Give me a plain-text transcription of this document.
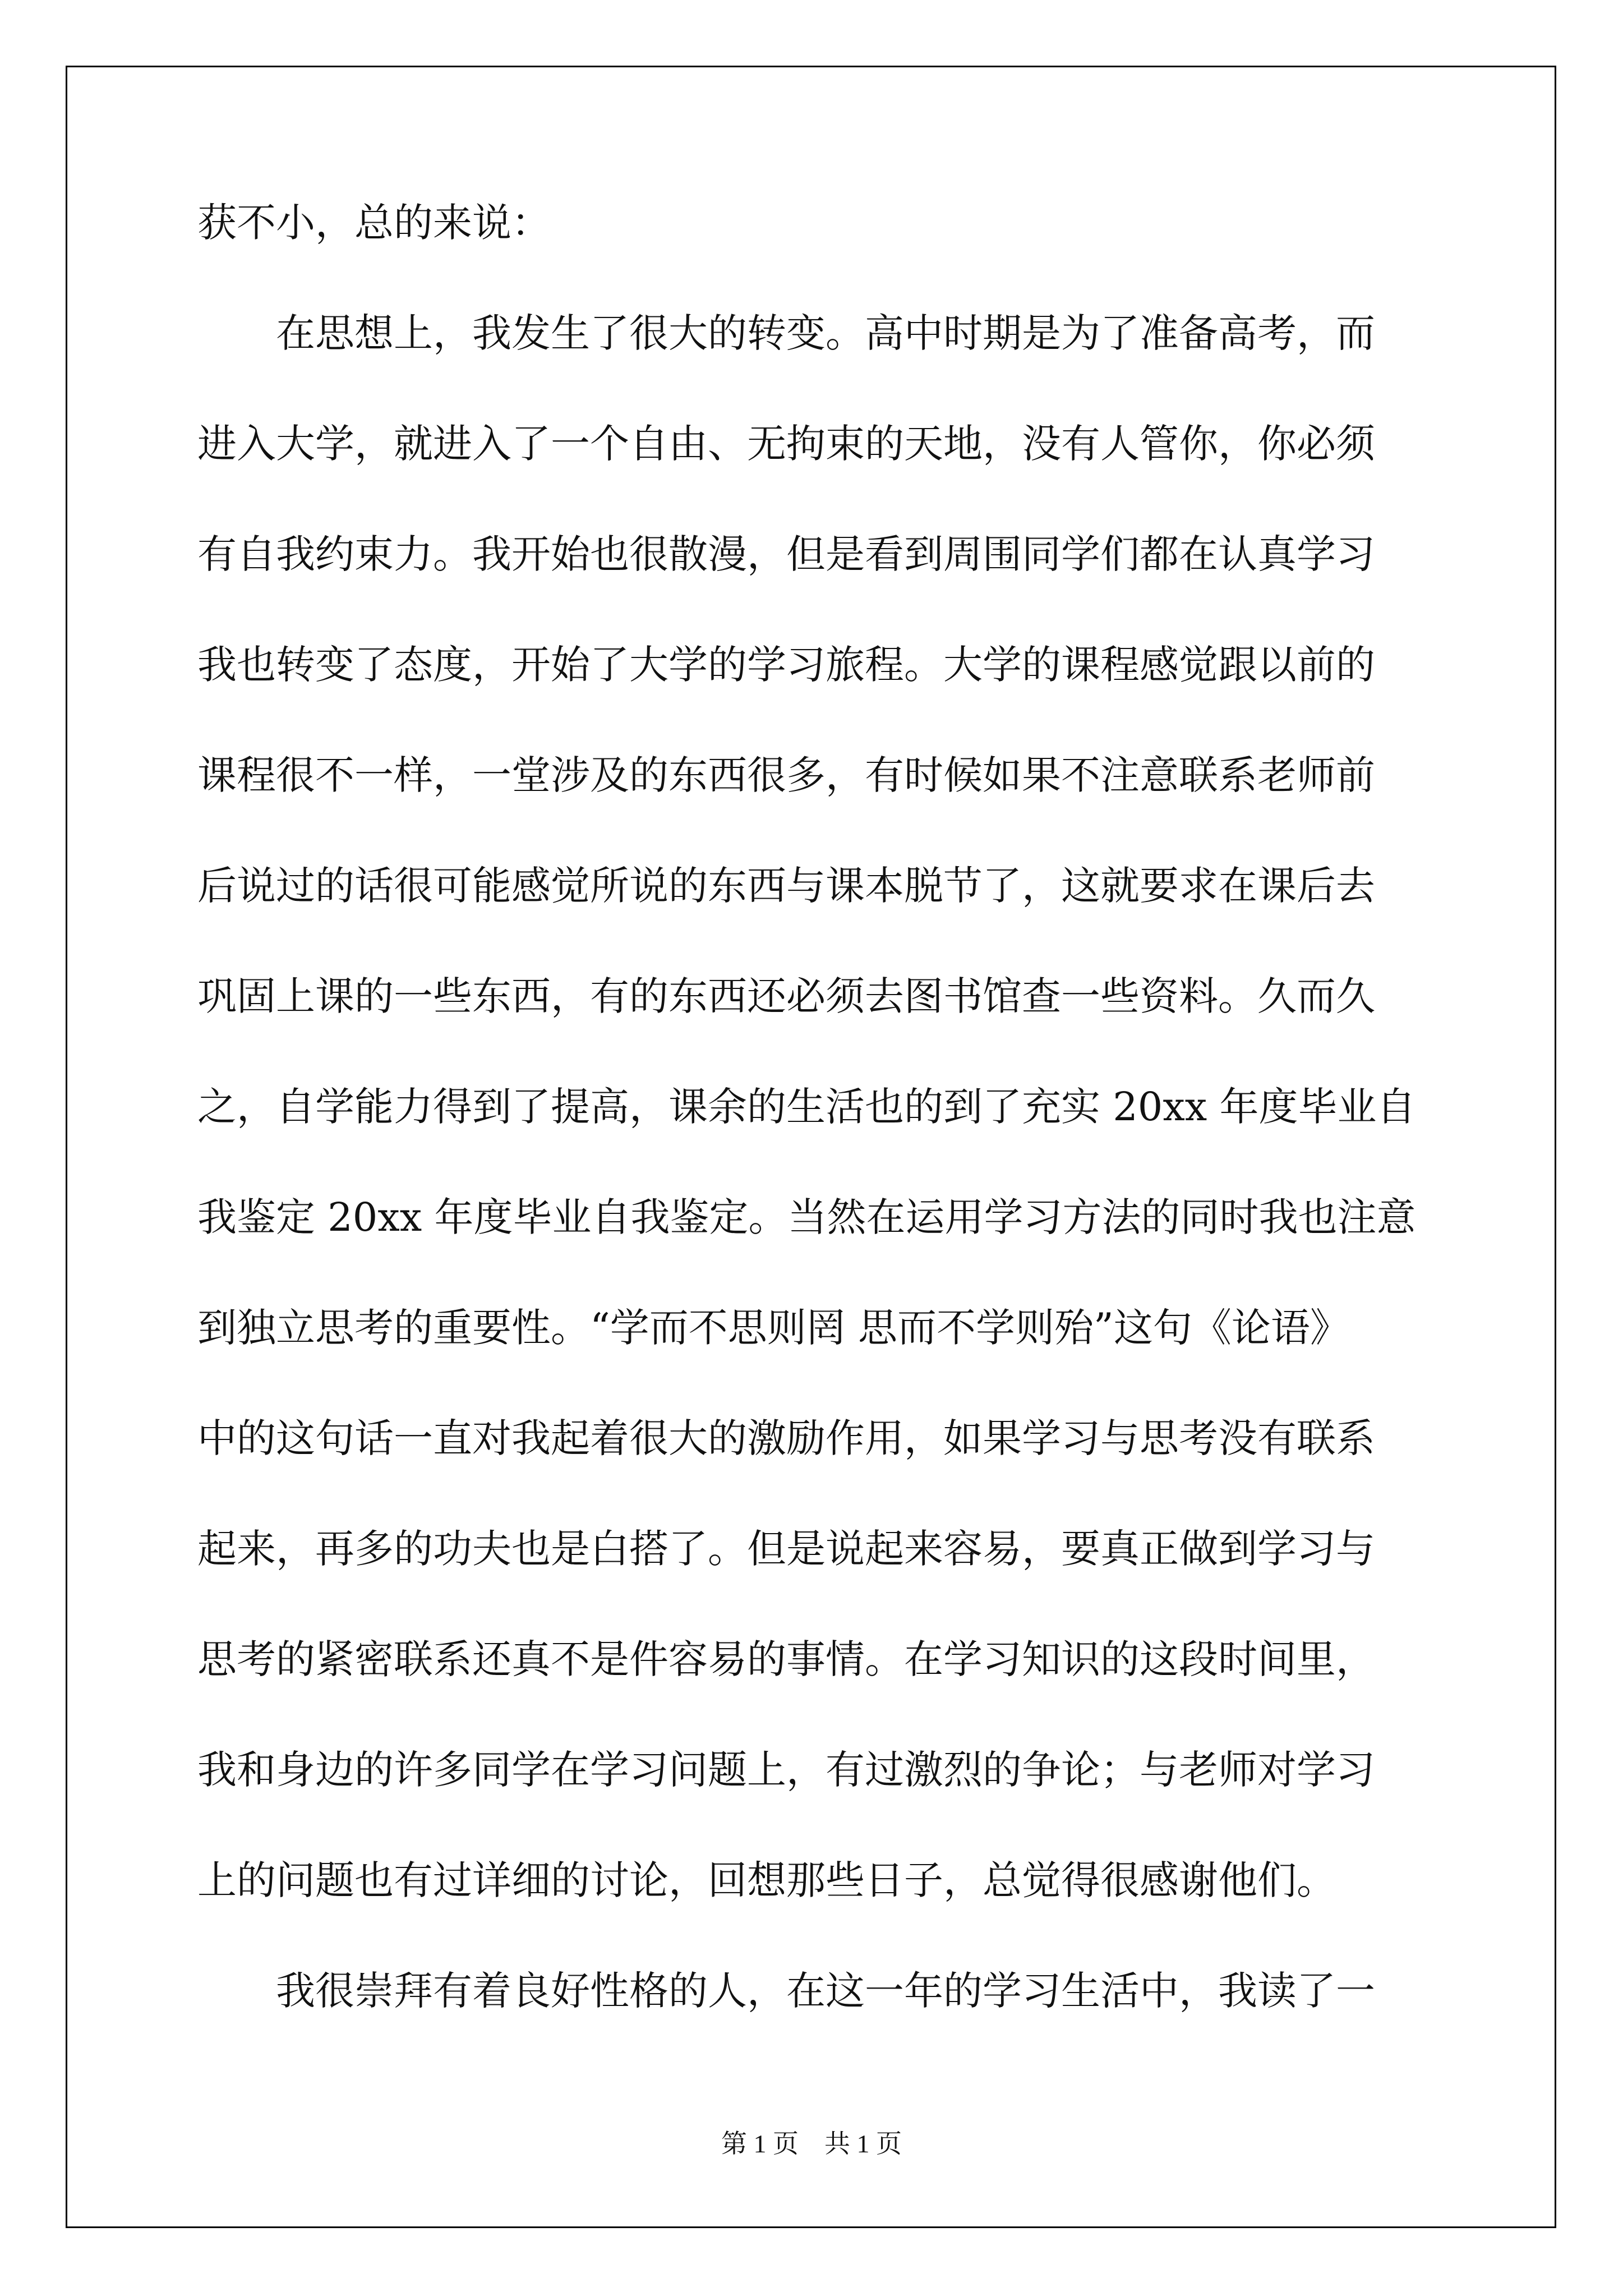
获不小，总的来说：
　　在思想上，我发生了很大的转变。高中时期是为了准备高考，而
进入大学，就进入了一个自由、无拘束的天地，没有人管你，你必须
有自我约束力。我开始也很散漫，但是看到周围同学们都在认真学习
我也转变了态度，开始了大学的学习旅程。大学的课程感觉跟以前的
课程很不一样，一堂涉及的东西很多，有时候如果不注意联系老师前
后说过的话很可能感觉所说的东西与课本脱节了，这就要求在课后去
巩固上课的一些东西，有的东西还必须去图书馆查一些资料。久而久
之，自学能力得到了提高，课余的生活也的到了充实 20xx 年度毕业自
我鉴定 20xx 年度毕业自我鉴定。当然在运用学习方法的同时我也注意
到独立思考的重要性。“学而不思则罔 思而不学则殆”这句《论语》
中的这句话一直对我起着很大的激励作用，如果学习与思考没有联系
起来，再多的功夫也是白搭了。但是说起来容易，要真正做到学习与
思考的紧密联系还真不是件容易的事情。在学习知识的这段时间里，
我和身边的许多同学在学习问题上，有过激烈的争论；与老师对学习
上的问题也有过详细的讨论，回想那些日子，总觉得很感谢他们。
　　我很崇拜有着良好性格的人，在这一年的学习生活中，我读了一
第 1 页　共 1 页
